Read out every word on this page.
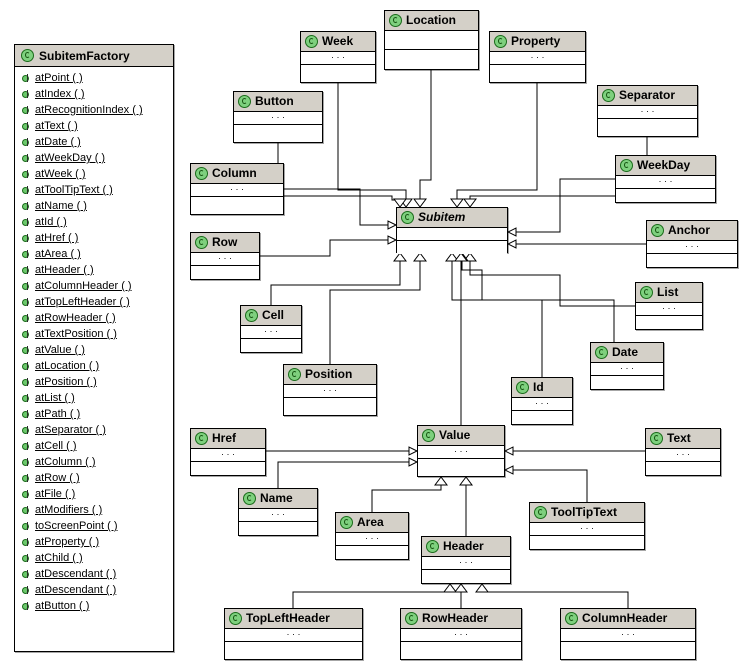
SubitemFactory
atPoint ( )
atIndex ( )
atRecognitionIndex ( )
atText ( )
atDate ( )
atWeekDay ( )
atWeek ( )
atToolTipText ( )
atName ( )
atId ( )
atHref ( )
atArea ( )
atHeader ( )
atColumnHeader ( )
atTopLeftHeader ( )
atRowHeader ( )
atTextPosition ( )
atValue ( )
atLocation ( )
atPosition ( )
atList ( )
atPath ( )
atSeparator ( )
atCell ( )
atColumn ( )
atRow ( )
atFile ( )
atModifiers ( )
toScreenPoint ( )
atProperty ( )
atChild ( )
atDescendant ( )
atDescendant ( )
atButton ( )
Subitem
Location
Week
· · ·
Property
· · ·
Button
· · ·
Separator
· · ·
Column
· · ·
WeekDay
· · ·
Row
· · ·
Anchor
· · ·
Cell
· · ·
List
· · ·
Position
· · ·
Date
· · ·
Id
· · ·
Value
· · ·
Href
· · ·
Text
· · ·
Name
· · ·	ToolTipText
· · ·
Area
· · ·
Header
· · ·
TopLeftHeader
· · ·
RowHeader
· · ·
ColumnHeader
· · ·
